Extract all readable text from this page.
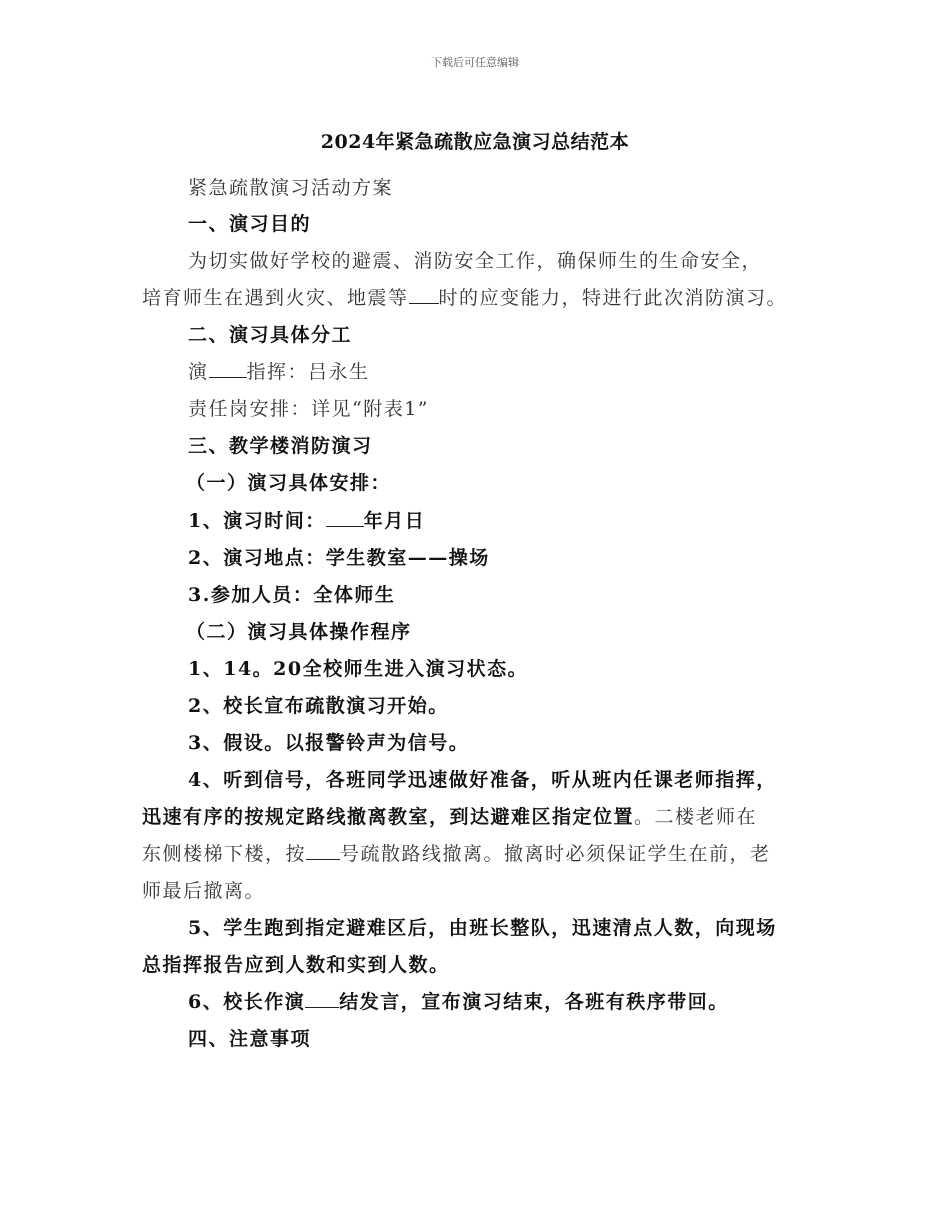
下载后可任意编辑
2024年紧急疏散应急演习总结范本
紧急疏散演习活动方案
一、演习目的
为切实做好学校的避震、消防安全工作，确保师生的生命安全，
培育师生在遇到火灾、地震等 时的应变能力，特进行此次消防演习。
二、演习具体分工
演 指挥：吕永生
责任岗安排：详见“附表1”
三、教学楼消防演习
（一）演习具体安排：
1、演习时间： 年月日
2、演习地点：学生教室——操场
3.参加人员：全体师生
（二）演习具体操作程序
1、14。20全校师生进入演习状态。
2、校长宣布疏散演习开始。
3、假设。以报警铃声为信号。
4、听到信号，各班同学迅速做好准备，听从班内任课老师指挥，
迅速有序的按规定路线撤离教室，到达避难区指定位置。二楼老师在
东侧楼梯下楼，按 号疏散路线撤离。撤离时必须保证学生在前，老
师最后撤离。
5、学生跑到指定避难区后，由班长整队，迅速清点人数，向现场
总指挥报告应到人数和实到人数。
6、校长作演 结发言，宣布演习结束，各班有秩序带回。
四、注意事项
